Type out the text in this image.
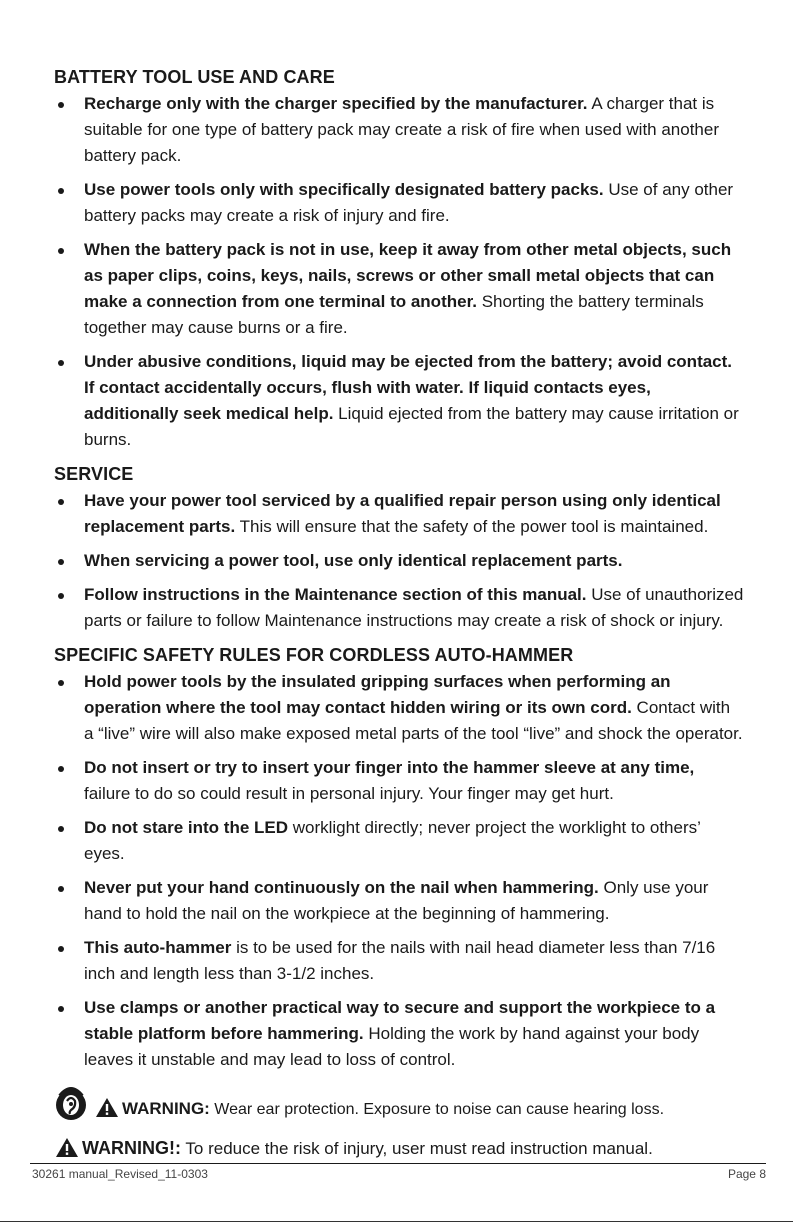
BATTERY TOOL USE AND CARE
Recharge only with the charger specified by the manufacturer. A charger that is suitable for one type of battery pack may create a risk of fire when used with another battery pack.
Use power tools only with specifically designated battery packs. Use of any other battery packs may create a risk of injury and fire.
When the battery pack is not in use, keep it away from other metal objects, such as paper clips, coins, keys, nails, screws or other small metal objects that can make a connection from one terminal to another. Shorting the battery terminals together may cause burns or a fire.
Under abusive conditions, liquid may be ejected from the battery; avoid contact. If contact accidentally occurs, flush with water. If liquid contacts eyes, additionally seek medical help. Liquid ejected from the battery may cause irritation or burns.
SERVICE
Have your power tool serviced by a qualified repair person using only identical replacement parts. This will ensure that the safety of the power tool is maintained.
When servicing a power tool, use only identical replacement parts.
Follow instructions in the Maintenance section of this manual. Use of unauthorized parts or failure to follow Maintenance instructions may create a risk of shock or injury.
SPECIFIC SAFETY RULES FOR CORDLESS AUTO-HAMMER
Hold power tools by the insulated gripping surfaces when performing an operation where the tool may contact hidden wiring or its own cord. Contact with a “live” wire will also make exposed metal parts of the tool “live” and shock the operator.
Do not insert or try to insert your finger into the hammer sleeve at any time, failure to do so could result in personal injury. Your finger may get hurt.
Do not stare into the LED worklight directly; never project the worklight to others’ eyes.
Never put your hand continuously on the nail when hammering. Only use your hand to hold the nail on the workpiece at the beginning of hammering.
This auto-hammer is to be used for the nails with nail head diameter less than 7/16 inch and length less than 3-1/2 inches.
Use clamps or another practical way to secure and support the workpiece to a stable platform before hammering. Holding the work by hand against your body leaves it unstable and may lead to loss of control.
WARNING: Wear ear protection. Exposure to noise can cause hearing loss.
WARNING!: To reduce the risk of injury, user must read instruction manual.
30261 manual_Revised_11-0303	Page 8
